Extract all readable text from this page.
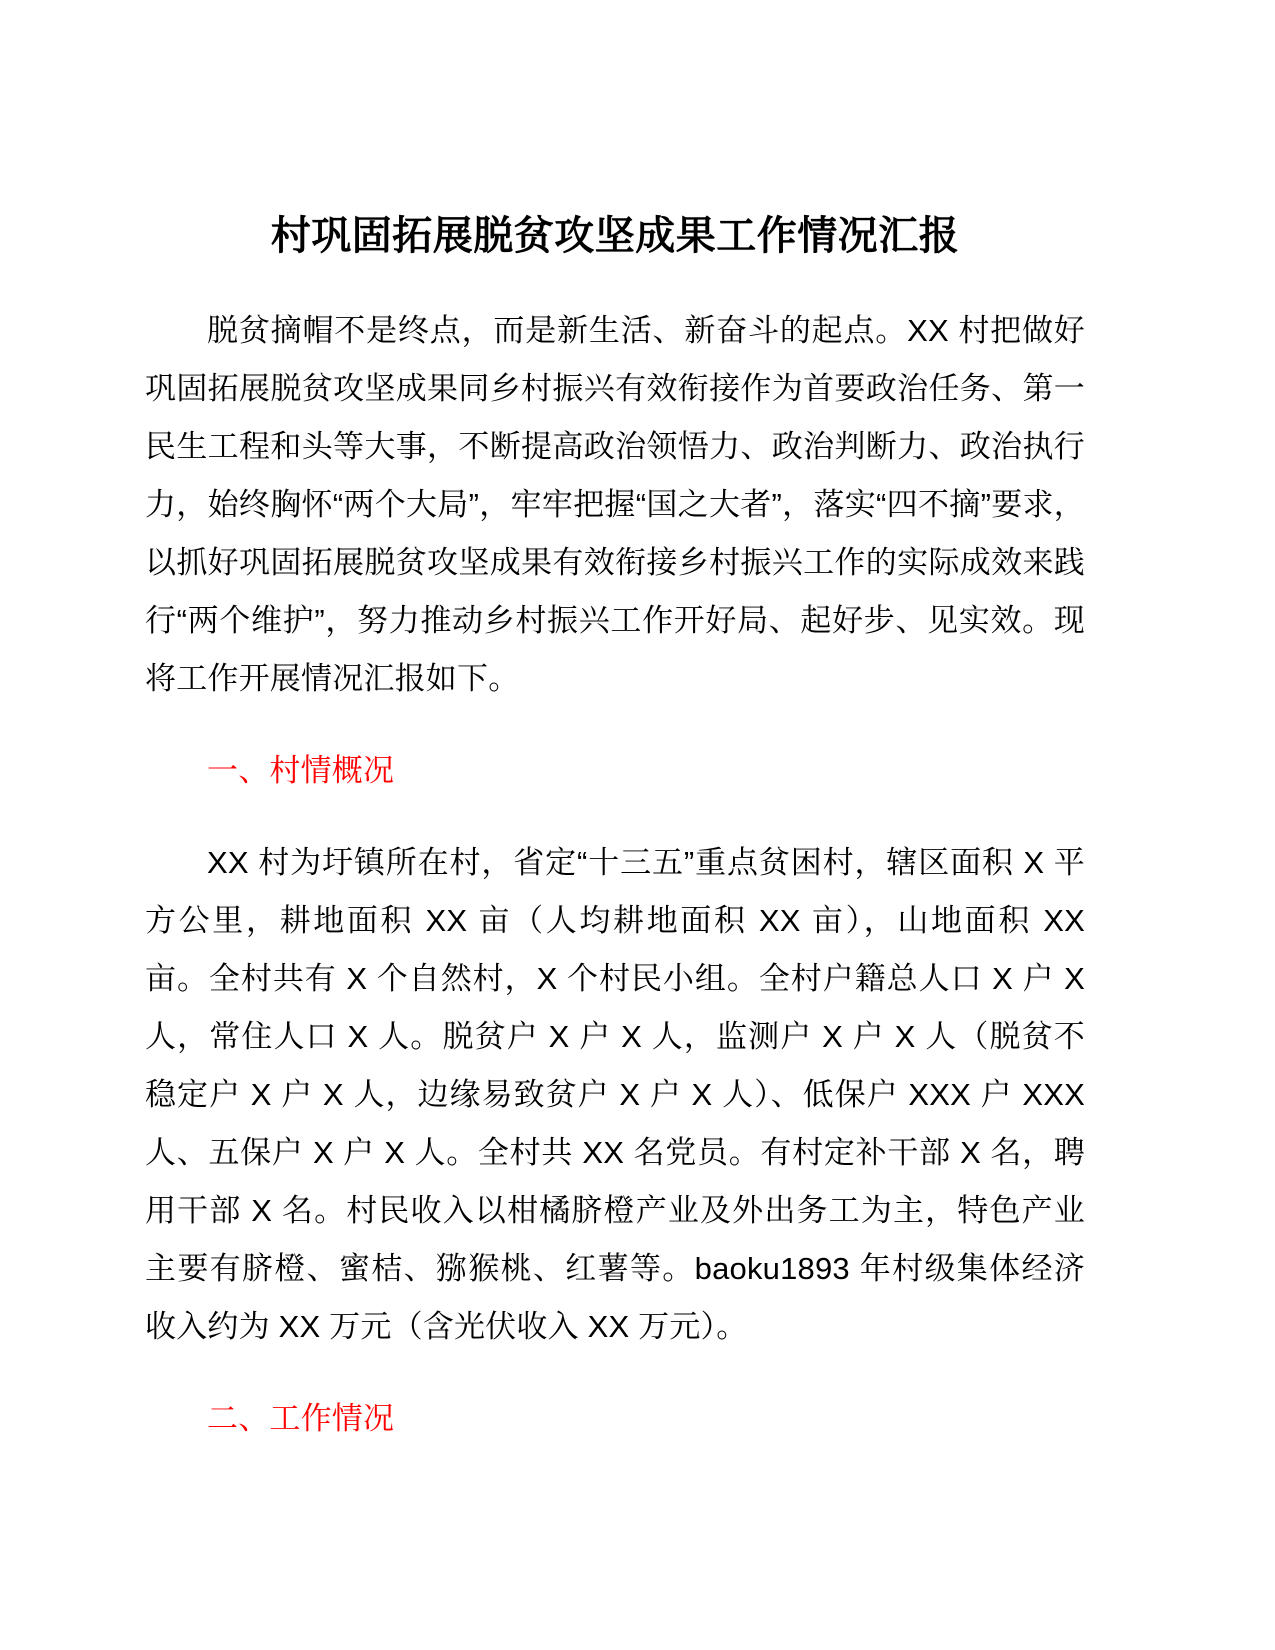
村巩固拓展脱贫攻坚成果工作情况汇报

脱贫摘帽不是终点，而是新生活、新奋斗的起点。XX 村把做好巩固拓展脱贫攻坚成果同乡村振兴有效衔接作为首要政治任务、第一民生工程和头等大事，不断提高政治领悟力、政治判断力、政治执行力，始终胸怀“两个大局”，牢牢把握“国之大者”，落实“四不摘”要求，以抓好巩固拓展脱贫攻坚成果有效衔接乡村振兴工作的实际成效来践行“两个维护”，努力推动乡村振兴工作开好局、起好步、见实效。现将工作开展情况汇报如下。

一、村情概况

XX 村为圩镇所在村，省定“十三五”重点贫困村，辖区面积 X 平方公里，耕地面积 XX 亩（人均耕地面积 XX 亩），山地面积 XX 亩。全村共有 X 个自然村，X 个村民小组。全村户籍总人口 X 户 X 人，常住人口 X 人。脱贫户 X 户 X 人，监测户 X 户 X 人（脱贫不稳定户 X 户 X 人，边缘易致贫户 X 户 X 人）、低保户 XXX 户 XXX 人、五保户 X 户 X 人。全村共 XX 名党员。有村定补干部 X 名，聘用干部 X 名。村民收入以柑橘脐橙产业及外出务工为主，特色产业主要有脐橙、蜜桔、猕猴桃、红薯等。baoku1893 年村级集体经济收入约为 XX 万元（含光伏收入 XX 万元）。

二、工作情况
